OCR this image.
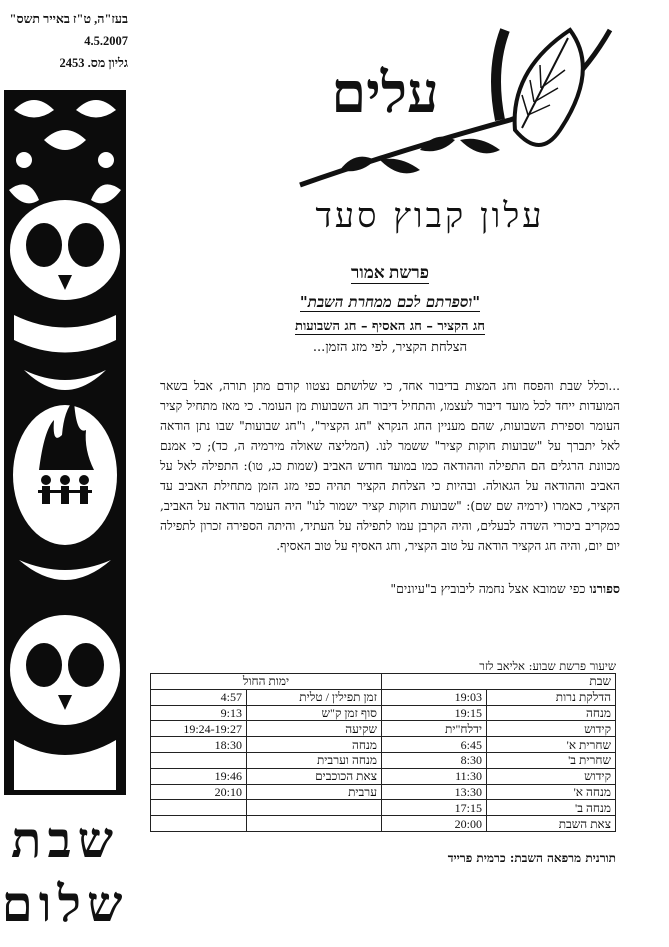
בעז"ה, ט"ז באייר תשס"
4.5.2007
גליון מס. 2453
שבת
שלום
עלים
עלון קבוץ סעד
פרשת אמור
"וספרתם לכם ממחרת השבת"
חג הקציר – חג האסיף – חג השבועות
הצלחת הקציר, לפי מזג הזמן...
...וכלל שבת והפסח וחג המצות בדיבור אחד, כי שלושתם נצטוו קודם מתן תורה, אבל בשאר המועדות ייחד לכל מועד דיבור לעצמו, והתחיל דיבור חג השבועות מן העומר. כי מאז מתחיל קציר העומר וספירת השבועות, שהם מעניין החג הנקרא "חג הקציר", ו"חג שבועות" שבו נתן הודאה לאל יתברך על "שבועות חוקות קציר" ששמר לנו. (המליצה שאולה מירמיה ה, כד); כי אמנם מכוונת הרגלים הם התפילה וההודאה כמו במועד חודש האביב (שמות כג, טו): התפילה לאל על האביב וההודאה על הגאולה. ובהיות כי הצלחת הקציר תהיה כפי מזג הזמן מתחילת האביב עד הקציר, כאמרו (ירמיה שם שם): "שבועות חוקות קציר ישמור לנו" היה העומר הודאה על האביב, כמקריב ביכורי השדה לבעלים, והיה הקרבן עמו לתפילה על העתיד, והיתה הספירה זכרון לתפילה יום יום, והיה חג הקציר הודאה על טוב הקציר, וחג האסיף על טוב האסיף.
ספורנו כפי שמובא אצל נחמה ליבוביץ ב"עיונים"
שיעור פרשת שבוע: אליאב לזר
שבת		ימות החול	
הדלקת נרות	19:03	זמן תפילין / טלית	4:57
מנחה	19:15	סוף זמן ק"ש	9:13
קידוש	ידלח"ית	שקיעה	19:24-19:27
שחרית א'	6:45	מנחה	18:30
שחרית ב'	8:30	מנחה וערבית	
קידוש	11:30	צאת הכוכבים	19:46
מנחה א'	13:30	ערבית	20:10
מנחה ב'	17:15		
צאת השבת	20:00		
תורנית מרפאה השבת: כרמית פרייד
